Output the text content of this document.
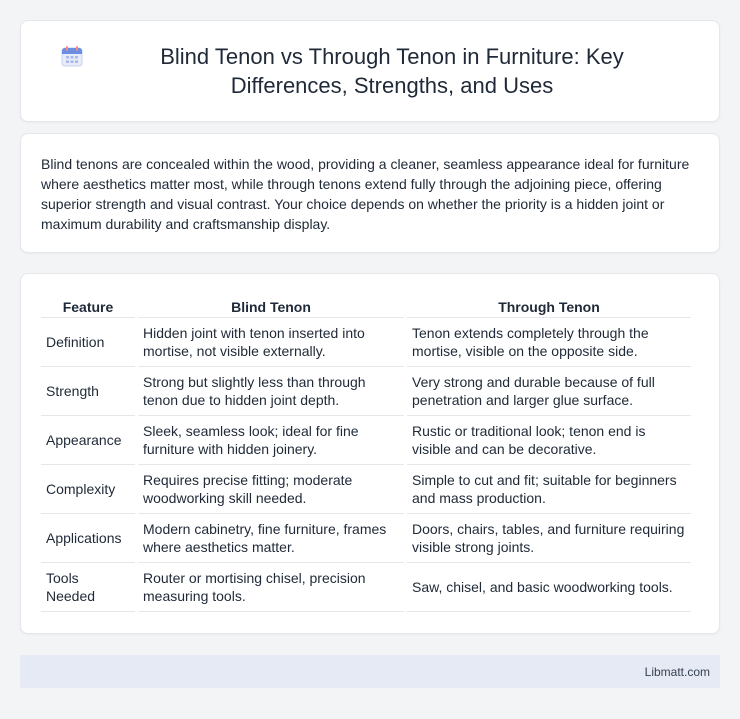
Blind Tenon vs Through Tenon in Furniture: Key Differences, Strengths, and Uses

Blind tenons are concealed within the wood, providing a cleaner, seamless appearance ideal for furniture where aesthetics matter most, while through tenons extend fully through the adjoining piece, offering superior strength and visual contrast. Your choice depends on whether the priority is a hidden joint or maximum durability and craftsmanship display.

Feature	Blind Tenon	Through Tenon
Definition	Hidden joint with tenon inserted into mortise, not visible externally.	Tenon extends completely through the mortise, visible on the opposite side.
Strength	Strong but slightly less than through tenon due to hidden joint depth.	Very strong and durable because of full penetration and larger glue surface.
Appearance	Sleek, seamless look; ideal for fine furniture with hidden joinery.	Rustic or traditional look; tenon end is visible and can be decorative.
Complexity	Requires precise fitting; moderate woodworking skill needed.	Simple to cut and fit; suitable for beginners and mass production.
Applications	Modern cabinetry, fine furniture, frames where aesthetics matter.	Doors, chairs, tables, and furniture requiring visible strong joints.
Tools Needed	Router or mortising chisel, precision measuring tools.	Saw, chisel, and basic woodworking tools.
Libmatt.com
